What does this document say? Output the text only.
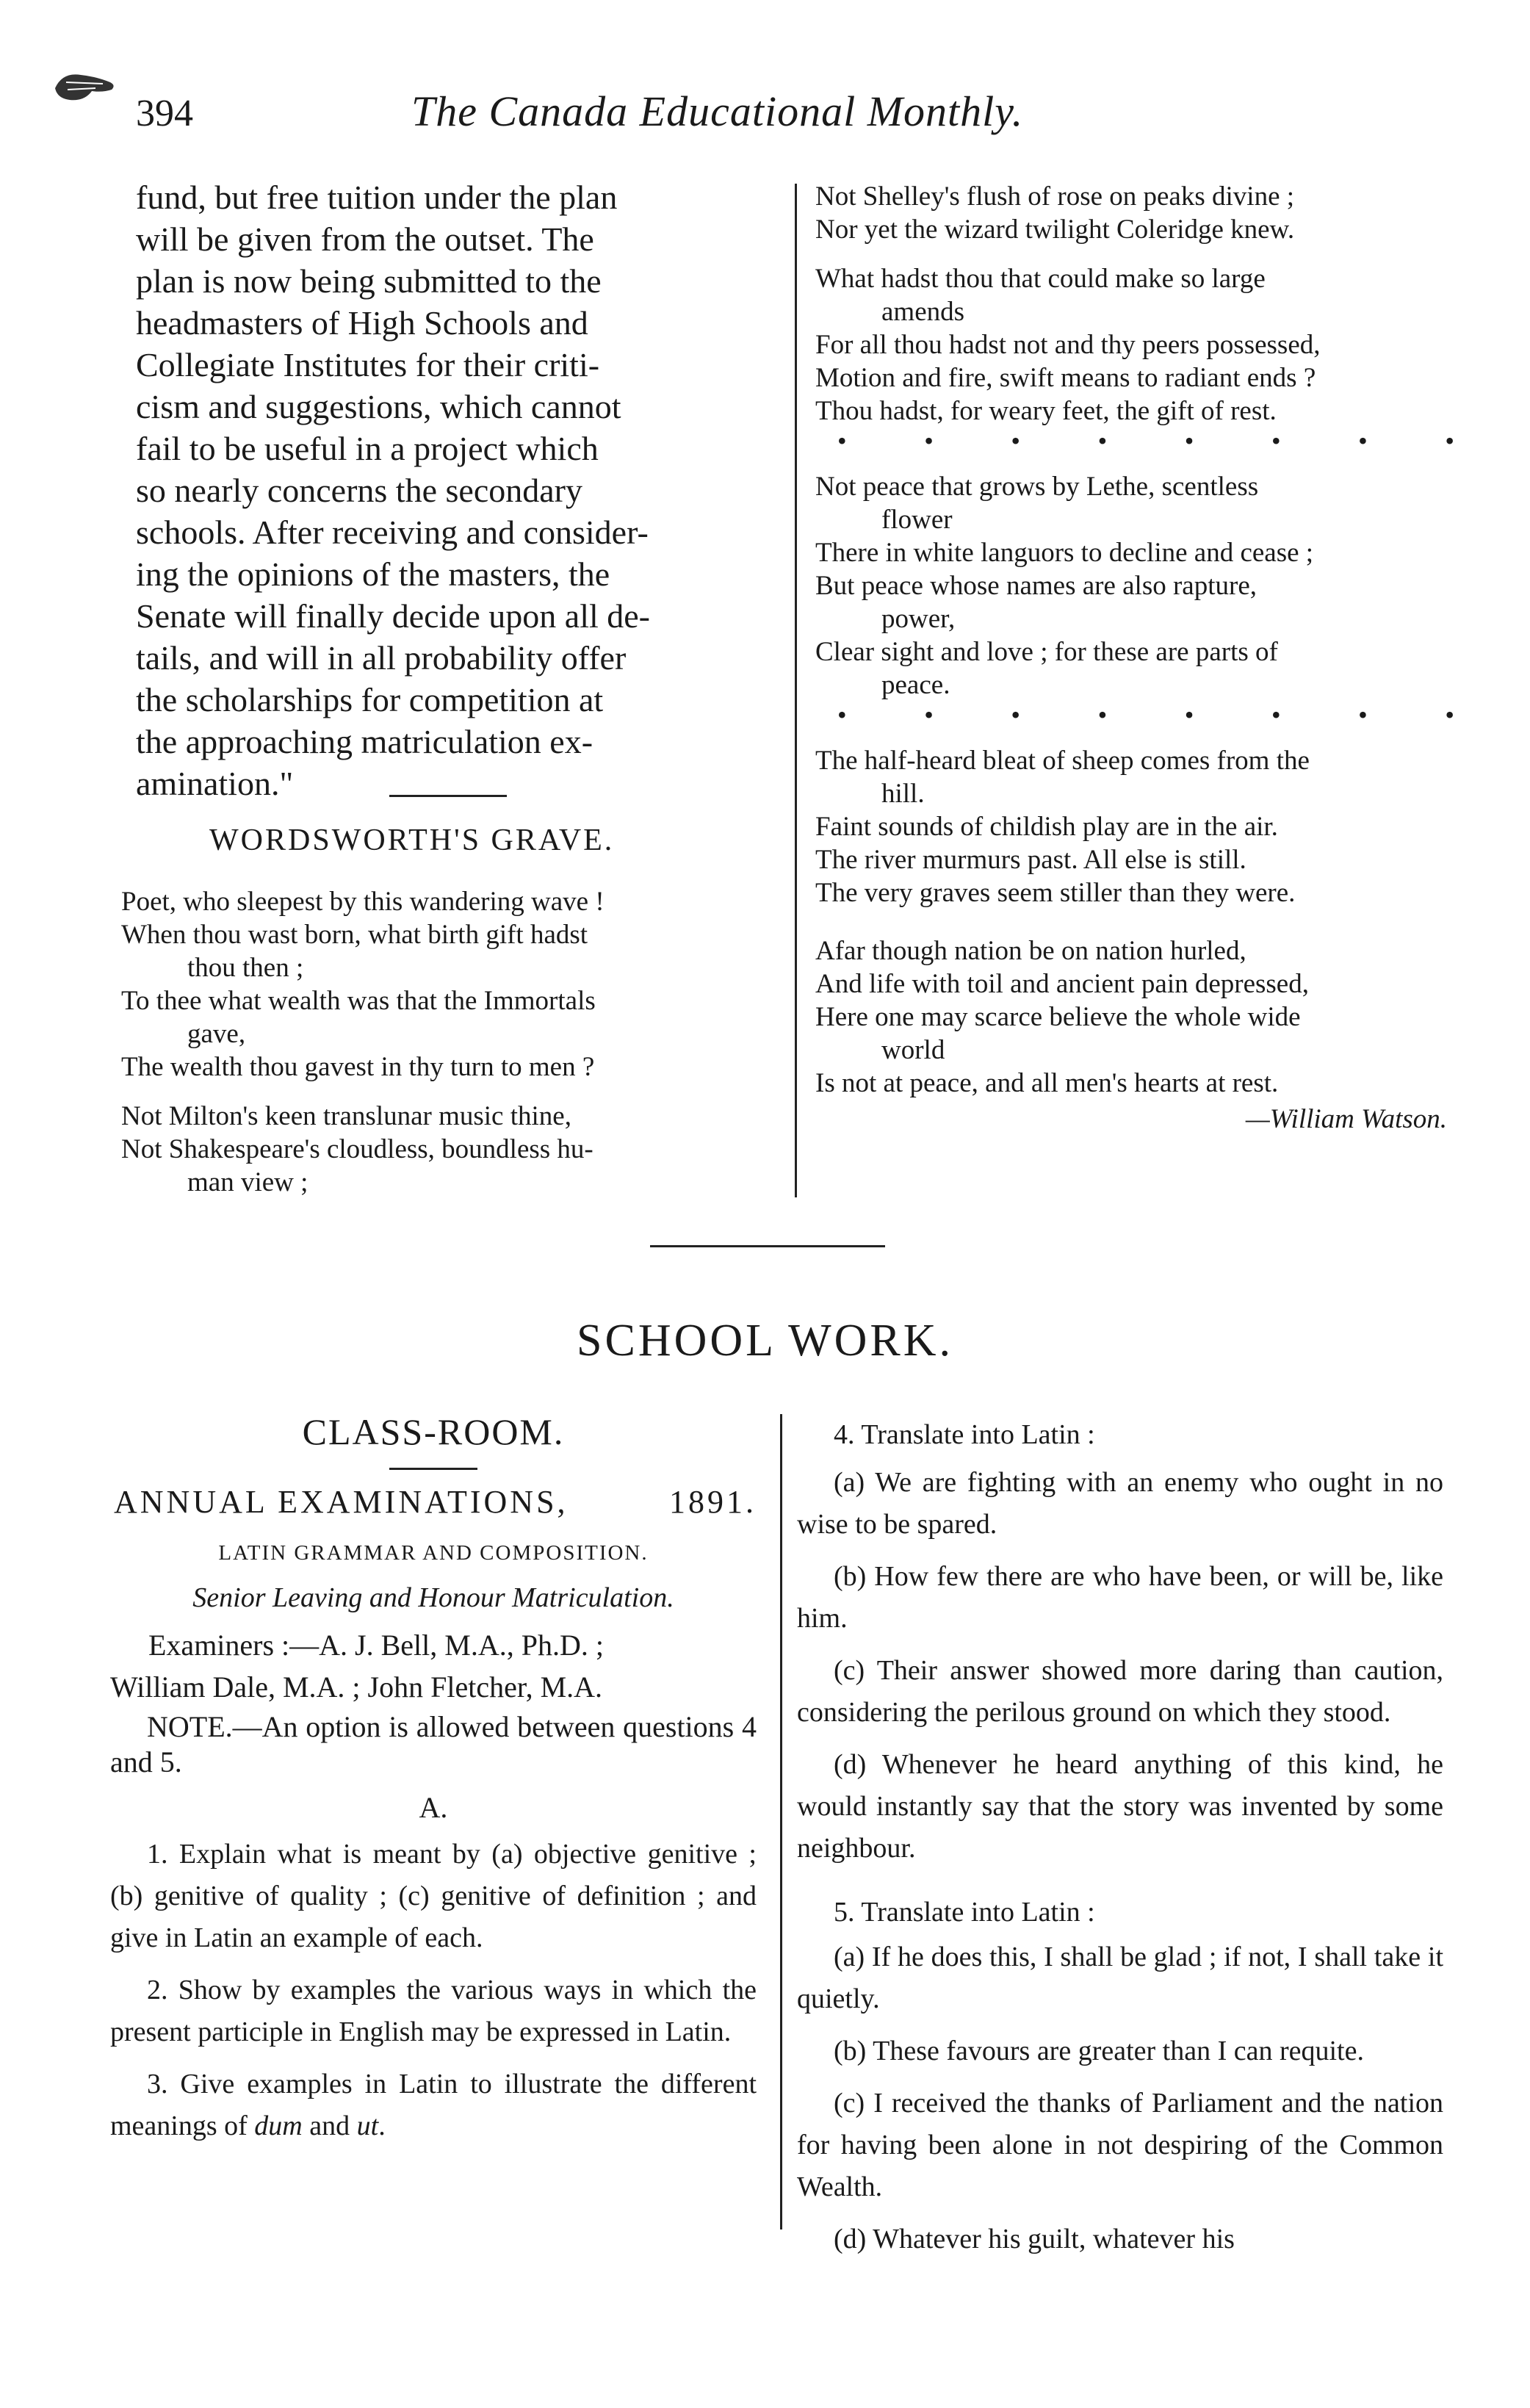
394	The Canada Educational Monthly.
fund, but free tuition under the plan
will be given from the outset. The
plan is now being submitted to the
headmasters of High Schools and
Collegiate Institutes for their criti-
cism and suggestions, which cannot
fail to be useful in a project which
so nearly concerns the secondary
schools. After receiving and consider-
ing the opinions of the masters, the
Senate will finally decide upon all de-
tails, and will in all probability offer
the scholarships for competition at
the approaching matriculation ex-
amination."
WORDSWORTH'S GRAVE.
Poet, who sleepest by this wandering wave !
When thou wast born, what birth gift hadst
thou then ;
To thee what wealth was that the Immortals
gave,
The wealth thou gavest in thy turn to men ?
Not Milton's keen translunar music thine,
Not Shakespeare's cloudless, boundless hu-
man view ;
Not Shelley's flush of rose on peaks divine ;
Nor yet the wizard twilight Coleridge knew.
What hadst thou that could make so large
amends
For all thou hadst not and thy peers possessed,
Motion and fire, swift means to radiant ends ?
Thou hadst, for weary feet, the gift of rest.
•	•	•	•	•	•	•	•
Not peace that grows by Lethe, scentless
flower
There in white languors to decline and cease ;
But peace whose names are also rapture,
power,
Clear sight and love ; for these are parts of
peace.
•	•	•	•	•	•	•	•
The half-heard bleat of sheep comes from the
hill.
Faint sounds of childish play are in the air.
The river murmurs past. All else is still.
The very graves seem stiller than they were.
Afar though nation be on nation hurled,
And life with toil and ancient pain depressed,
Here one may scarce believe the whole wide
world
Is not at peace, and all men's hearts at rest.
—William Watson.
SCHOOL WORK.
CLASS-ROOM.
ANNUAL EXAMINATIONS,	1891.
LATIN GRAMMAR AND COMPOSITION.
Senior Leaving and Honour Matriculation.
Examiners :—A. J. Bell, M.A., Ph.D. ;
William Dale, M.A. ; John Fletcher, M.A.

NOTE.—An option is allowed between questions 4 and 5.

A.

1. Explain what is meant by (a) objective genitive ; (b) genitive of quality ; (c) genitive of definition ; and give in Latin an example of each.

2. Show by examples the various ways in which the present participle in English may be expressed in Latin.

3. Give examples in Latin to illustrate the different meanings of dum and ut.

4. Translate into Latin :

(a) We are fighting with an enemy who ought in no wise to be spared.

(b) How few there are who have been, or will be, like him.

(c) Their answer showed more daring than caution, considering the perilous ground on which they stood.

(d) Whenever he heard anything of this kind, he would instantly say that the story was invented by some neighbour.

5. Translate into Latin :

(a) If he does this, I shall be glad ; if not, I shall take it quietly.

(b) These favours are greater than I can requite.

(c) I received the thanks of Parliament and the nation for having been alone in not despiring of the Common Wealth.

(d) Whatever his guilt, whatever his
